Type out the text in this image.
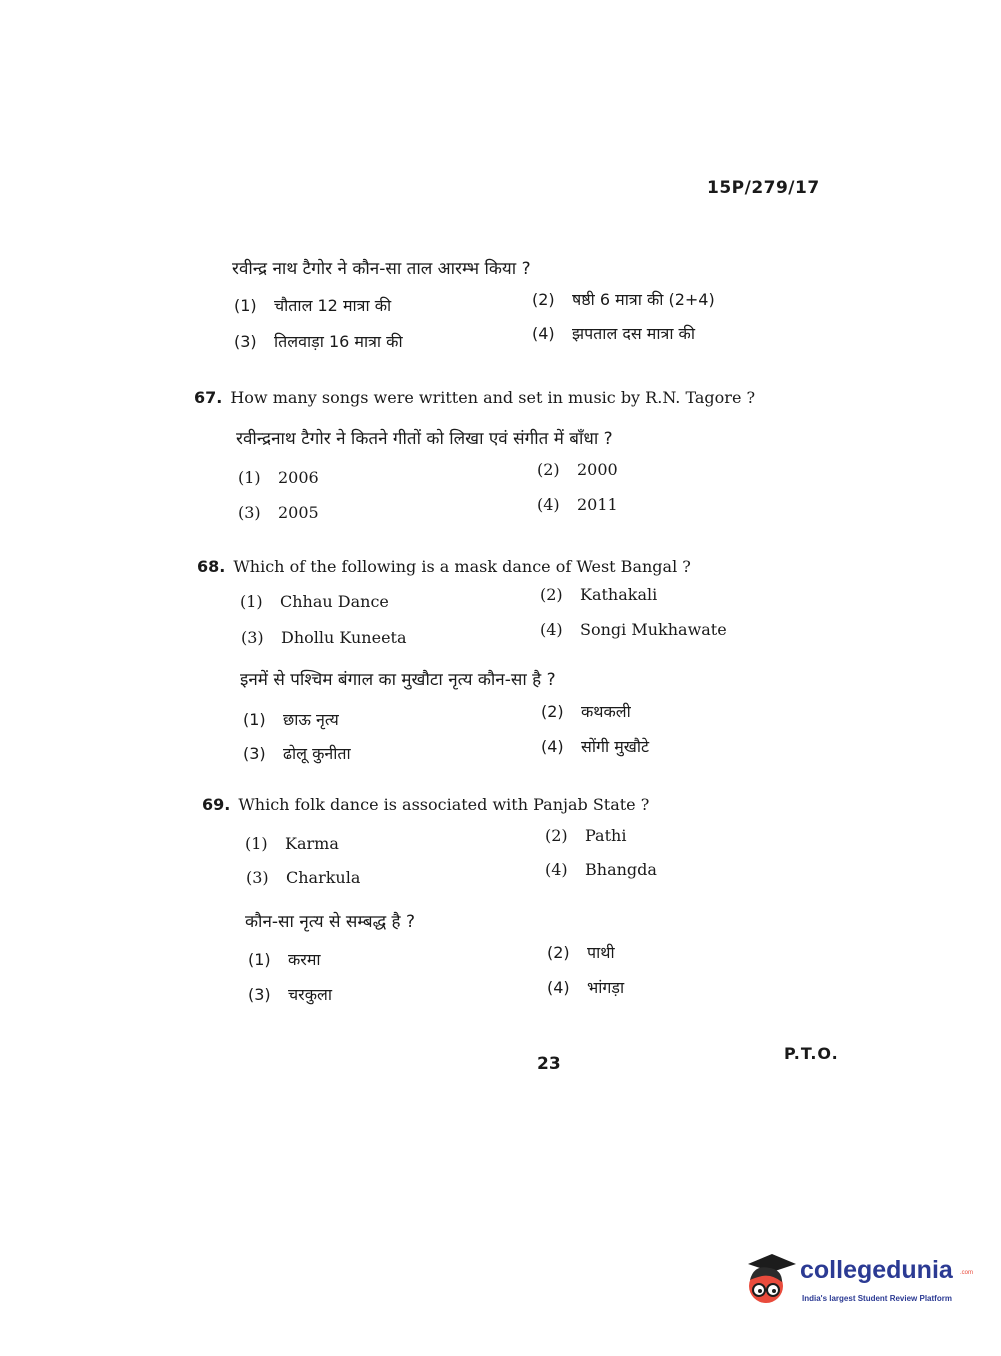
15P/279/17
रवीन्द्र नाथ टैगोर ने कौन-सा ताल आरम्भ किया ?
(1) चौताल 12 मात्रा की	(2) षष्ठी 6 मात्रा की (2+4)
(3) तिलवाड़ा 16 मात्रा की	(4) झपताल दस मात्रा की
67. How many songs were written and set in music by R.N. Tagore ?
रवीन्द्रनाथ टैगोर ने कितने गीतों को लिखा एवं संगीत में बाँधा ?
(1) 2006	(2) 2000
(3) 2005	(4) 2011
68. Which of the following is a mask dance of West Bangal ?
(1) Chhau Dance	(2) Kathakali
(3) Dhollu Kuneeta	(4) Songi Mukhawate
इनमें से पश्चिम बंगाल का मुखौटा नृत्य कौन-सा है ?
(1) छाऊ नृत्य	(2) कथकली
(3) ढोलू कुनीता	(4) सोंगी मुखौटे
69. Which folk dance is associated with Panjab State ?
(1) Karma	(2) Pathi
(3) Charkula	(4) Bhangda
कौन-सा नृत्य से सम्बद्ध है ?
(1) करमा	(2) पाथी
(3) चरकुला	(4) भांगड़ा
23
P.T.O.
collegedunia .com
India's largest Student Review Platform
